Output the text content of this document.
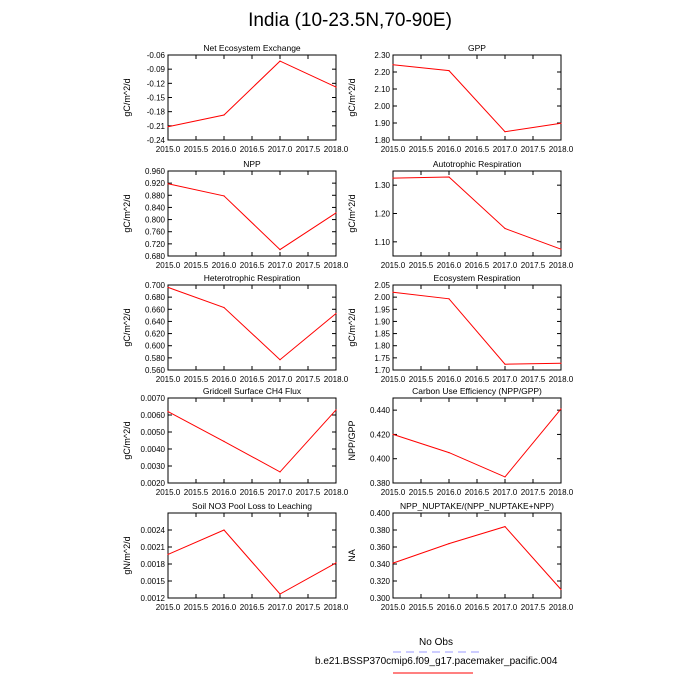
India (10-23.5N,70-90E)
Net Ecosystem Exchange
gC/m^2/d
2015.0 2015.5 2016.0 2016.5 2017.0 2017.5 2018.0
-0.24
-0.21
-0.18
-0.15
-0.12
-0.09
-0.06
GPP
gC/m^2/d
2015.0 2015.5 2016.0 2016.5 2017.0 2017.5 2018.0
1.80
1.90
2.00
2.10
2.20
2.30
NPP
gC/m^2/d
2015.0 2015.5 2016.0 2016.5 2017.0 2017.5 2018.0
0.680
0.720
0.760
0.800
0.840
0.880
0.920
0.960
Autotrophic Respiration
gC/m^2/d
2015.0 2015.5 2016.0 2016.5 2017.0 2017.5 2018.0
1.10
1.20
1.30
Heterotrophic Respiration
gC/m^2/d
2015.0 2015.5 2016.0 2016.5 2017.0 2017.5 2018.0
0.560
0.580
0.600
0.620
0.640
0.660
0.680
0.700
Ecosystem Respiration
gC/m^2/d
2015.0 2015.5 2016.0 2016.5 2017.0 2017.5 2018.0
1.70
1.75
1.80
1.85
1.90
1.95
2.00
2.05
Gridcell Surface CH4 Flux
gC/m^2/d
2015.0 2015.5 2016.0 2016.5 2017.0 2017.5 2018.0
0.0020
0.0030
0.0040
0.0050
0.0060
0.0070
Carbon Use Efficiency (NPP/GPP)
NPP/GPP
2015.0 2015.5 2016.0 2016.5 2017.0 2017.5 2018.0
0.380
0.400
0.420
0.440
Soil NO3 Pool Loss to Leaching
gN/m^2/d
2015.0 2015.5 2016.0 2016.5 2017.0 2017.5 2018.0
0.0012
0.0015
0.0018
0.0021
0.0024
NPP_NUPTAKE/(NPP_NUPTAKE+NPP)
NA
2015.0 2015.5 2016.0 2016.5 2017.0 2017.5 2018.0
0.300
0.320
0.340
0.360
0.380
0.400
No Obs
b.e21.BSSP370cmip6.f09_g17.pacemaker_pacific.004
